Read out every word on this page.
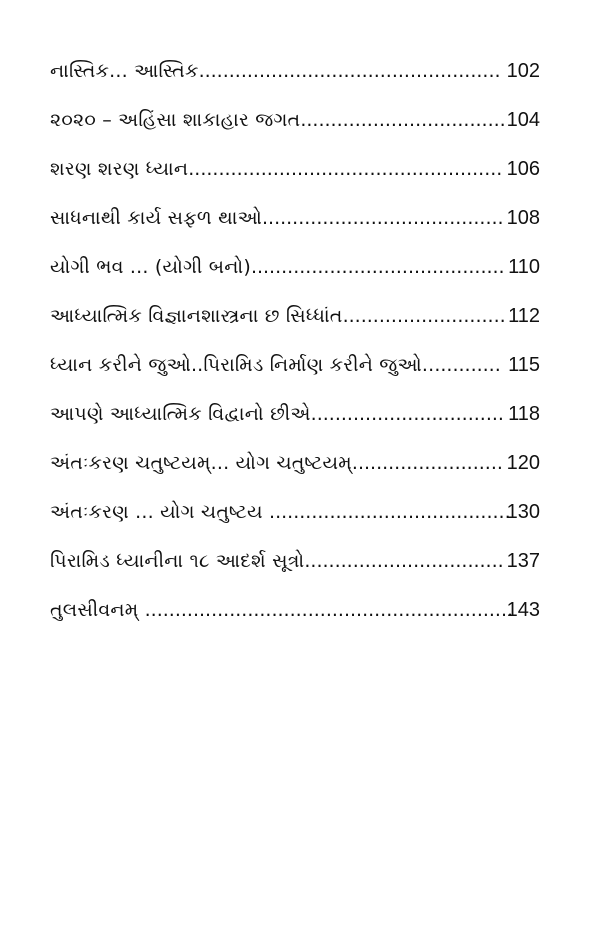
102
નાસ્તિક... આસ્તિક..................................................
104
૨૦૨૦ – અહિંસા શાકાહાર જગત..................................
106
શરણ શરણ ધ્યાન....................................................
108
સાધનાથી કાર્ય સફળ થાઓ........................................
110
યોગી ભવ ... (યોગી બનો)..........................................
112
આધ્યાત્મિક વિજ્ઞાનશાસ્ત્રના છ સિધ્ધાંત...........................
115
ધ્યાન કરીને જુઓ..પિરામિડ નિર્માણ કરીને જુઓ.............
118
આપણે આધ્યાત્મિક વિદ્વાનો છીએ................................
120
અંતઃકરણ ચતુષ્ટયમ્... યોગ ચતુષ્ટયમ્.........................
130
અંતઃકરણ ... યોગ ચતુષ્ટય ........................................
137
પિરામિડ ધ્યાનીના ૧૮ આદર્શ સૂત્રો.................................
143
તુલસીવનમ્ .............................................................
